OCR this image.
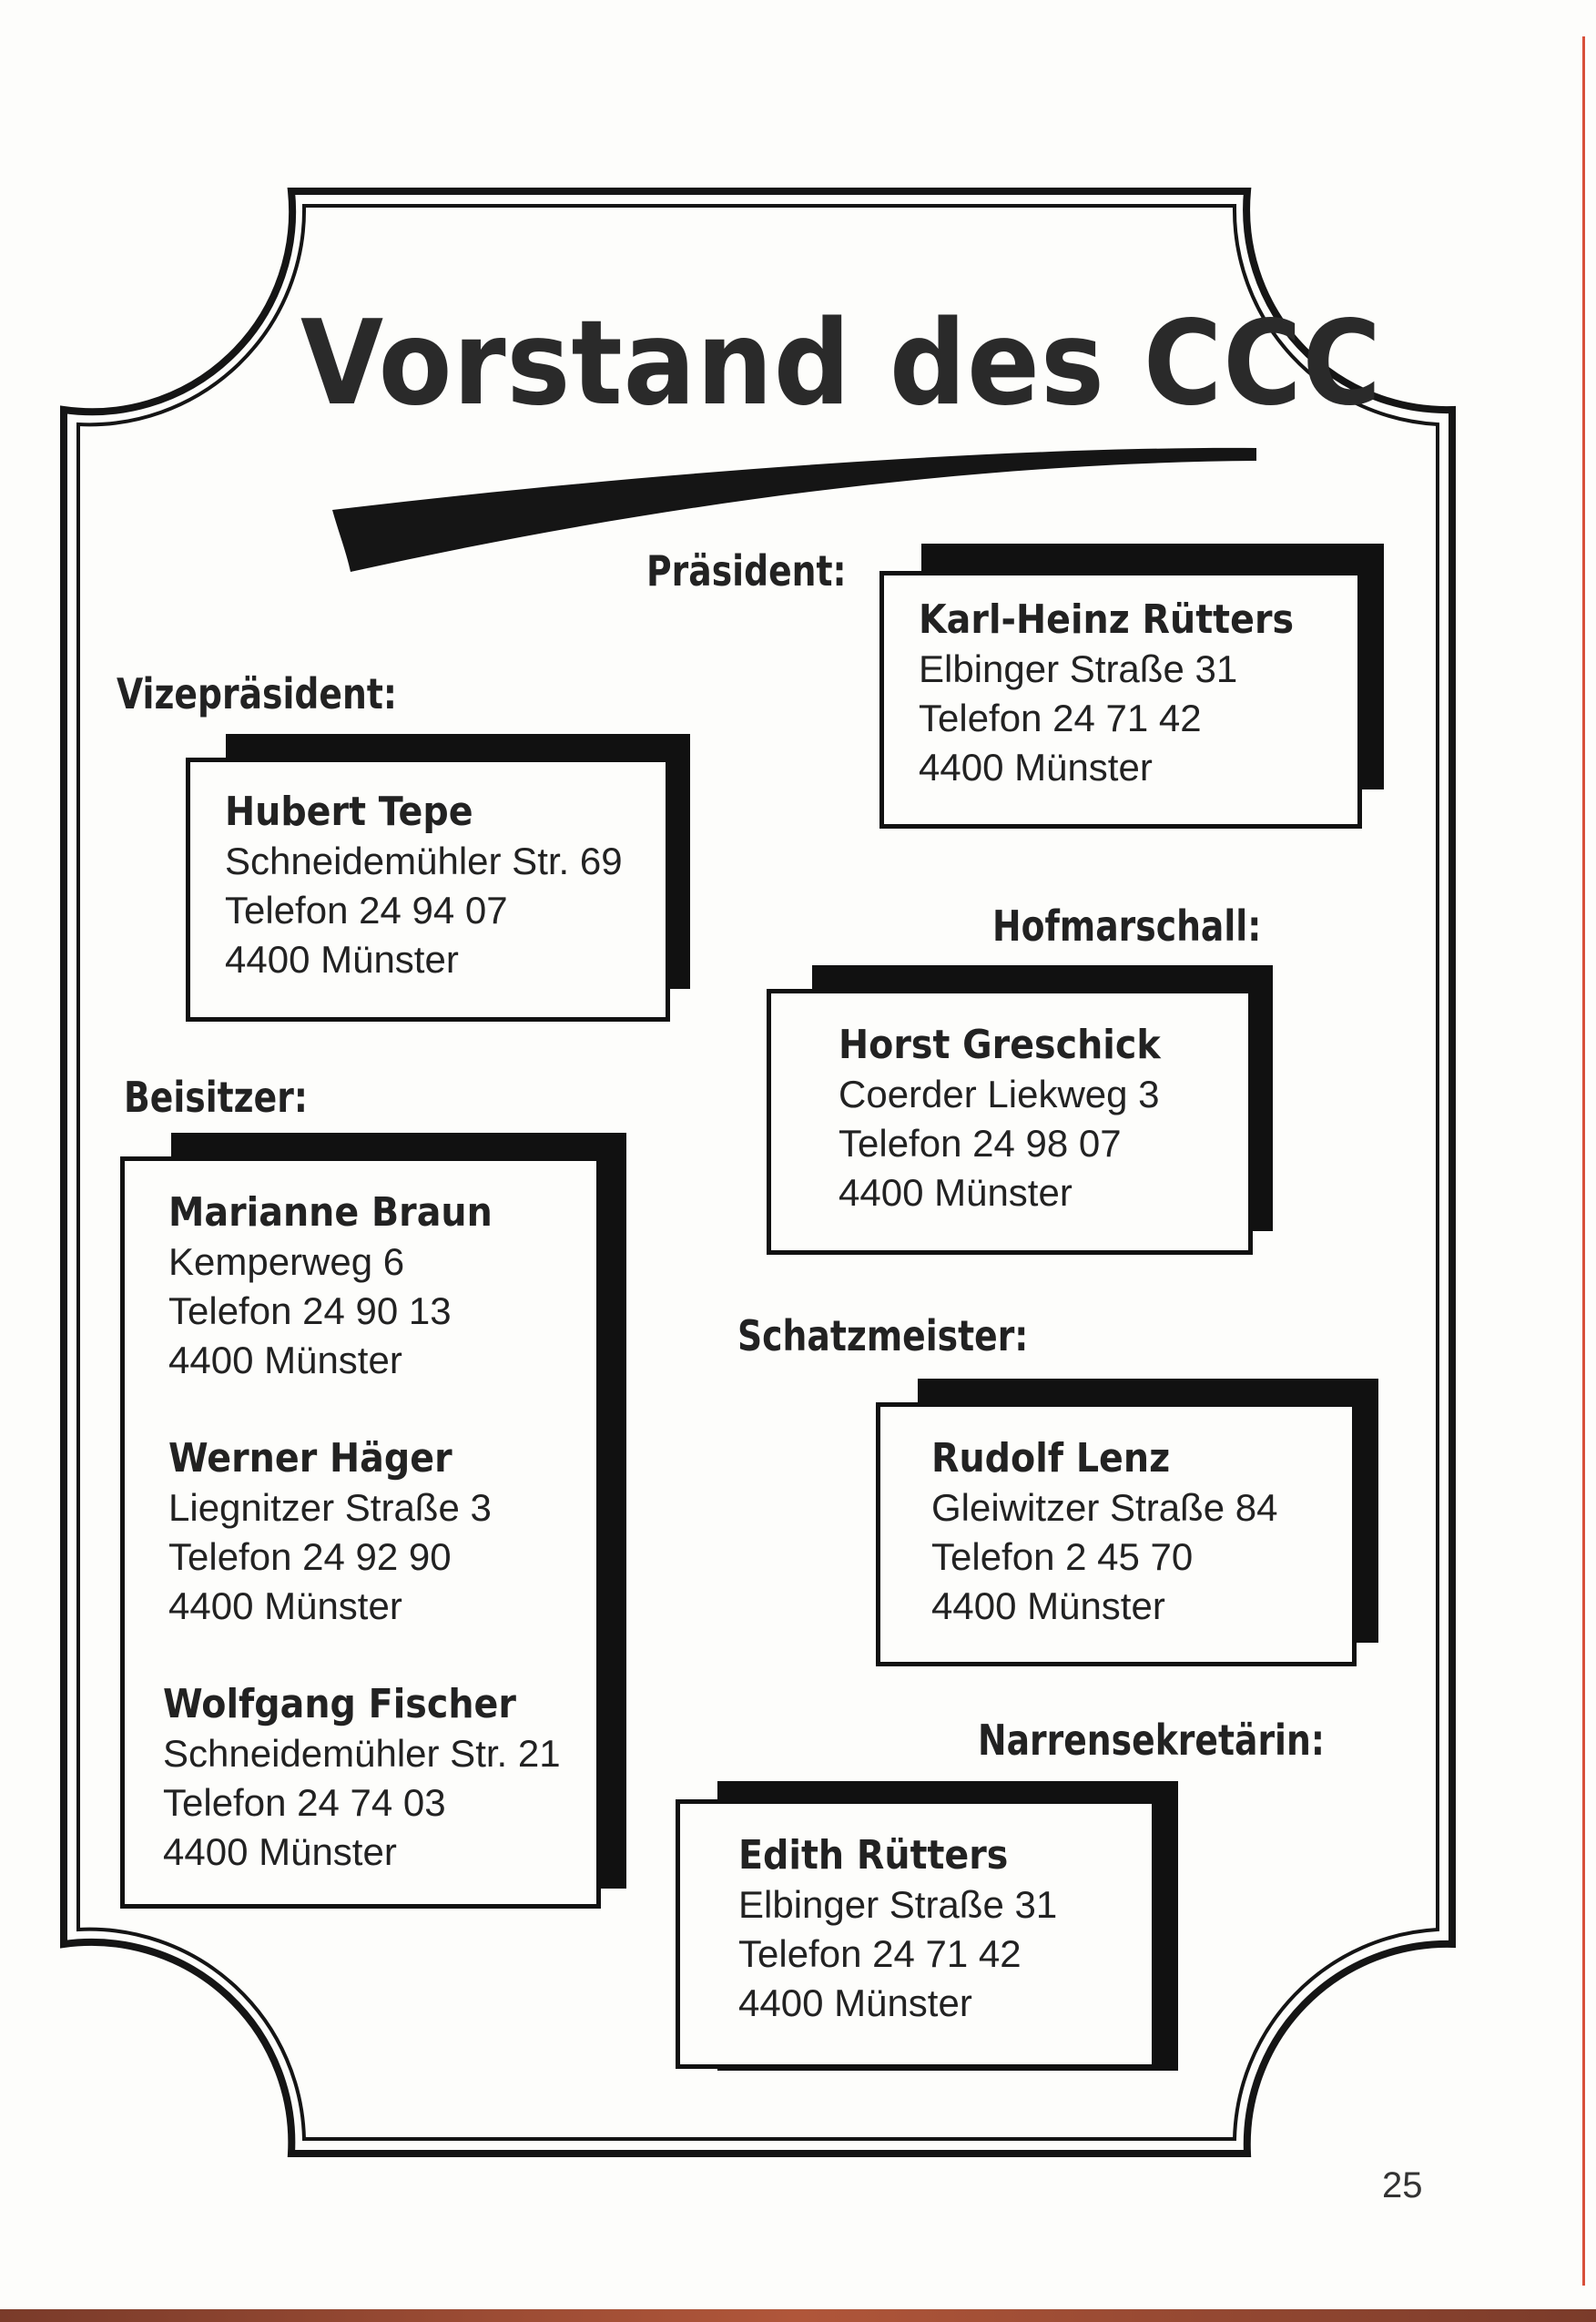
Vorstand des CCC
Präsident:
Karl-Heinz Rütters
Elbinger Straße 31
Telefon 24 71 42
4400 Münster
Vizepräsident:
Hubert Tepe
Schneidemühler Str. 69
Telefon 24 94 07
4400 Münster
Hofmarschall:
Horst Greschick
Coerder Liekweg 3
Telefon 24 98 07
4400 Münster
Beisitzer:
Marianne Braun
Kemperweg 6
Telefon 24 90 13
4400 Münster
Werner Häger
Liegnitzer Straße 3
Telefon 24 92 90
4400 Münster
Wolfgang Fischer
Schneidemühler Str. 21
Telefon 24 74 03
4400 Münster
Schatzmeister:
Rudolf Lenz
Gleiwitzer Straße 84
Telefon 2 45 70
4400 Münster
Narrensekretärin:
Edith Rütters
Elbinger Straße 31
Telefon 24 71 42
4400 Münster
25
